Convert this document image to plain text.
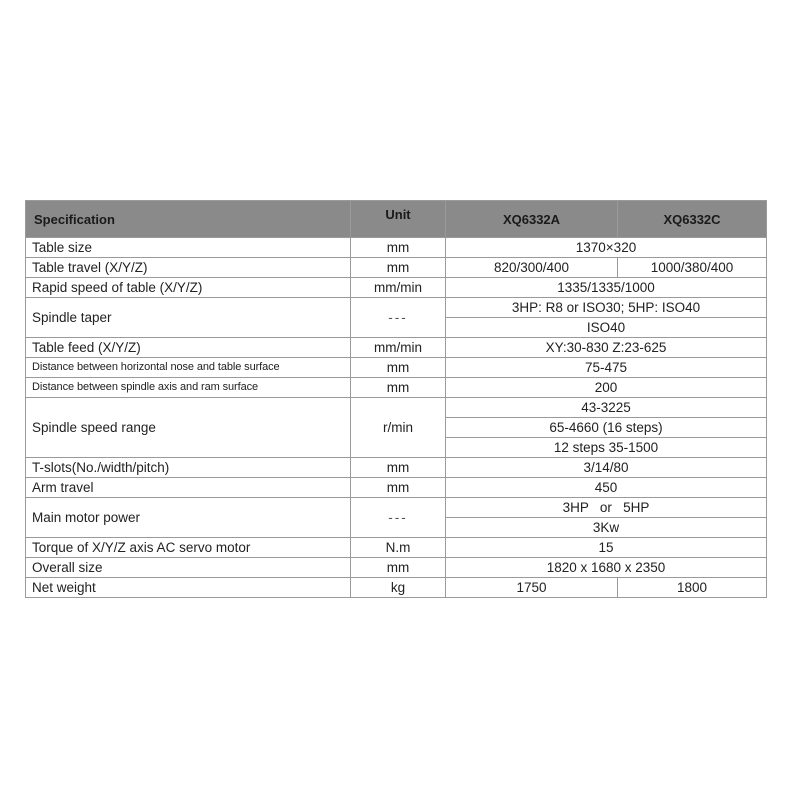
Specification	Unit	XQ6332A	XQ6332C
Table size	mm	1370×320	
Table travel (X/Y/Z)	mm	820/300/400	1000/380/400
Rapid speed of table (X/Y/Z)	mm/min	1335/1335/1000	
Spindle taper	---	3HP: R8 or ISO30; 5HP: ISO40	
		ISO40	
Table feed (X/Y/Z)	mm/min	XY:30-830 Z:23-625	
Distance between horizontal nose and table surface	mm	75-475	
Distance between spindle axis and ram surface	mm	200	
Spindle speed range	r/min	43-3225	
		65-4660 (16 steps)	
		12 steps 35-1500	
T-slots(No./width/pitch)	mm	3/14/80	
Arm travel	mm	450	
Main motor power	---	3HP   or   5HP	
		3Kw	
Torque of X/Y/Z axis AC servo motor	N.m	15	
Overall size	mm	1820 x 1680 x 2350	
Net weight	kg	1750	1800
